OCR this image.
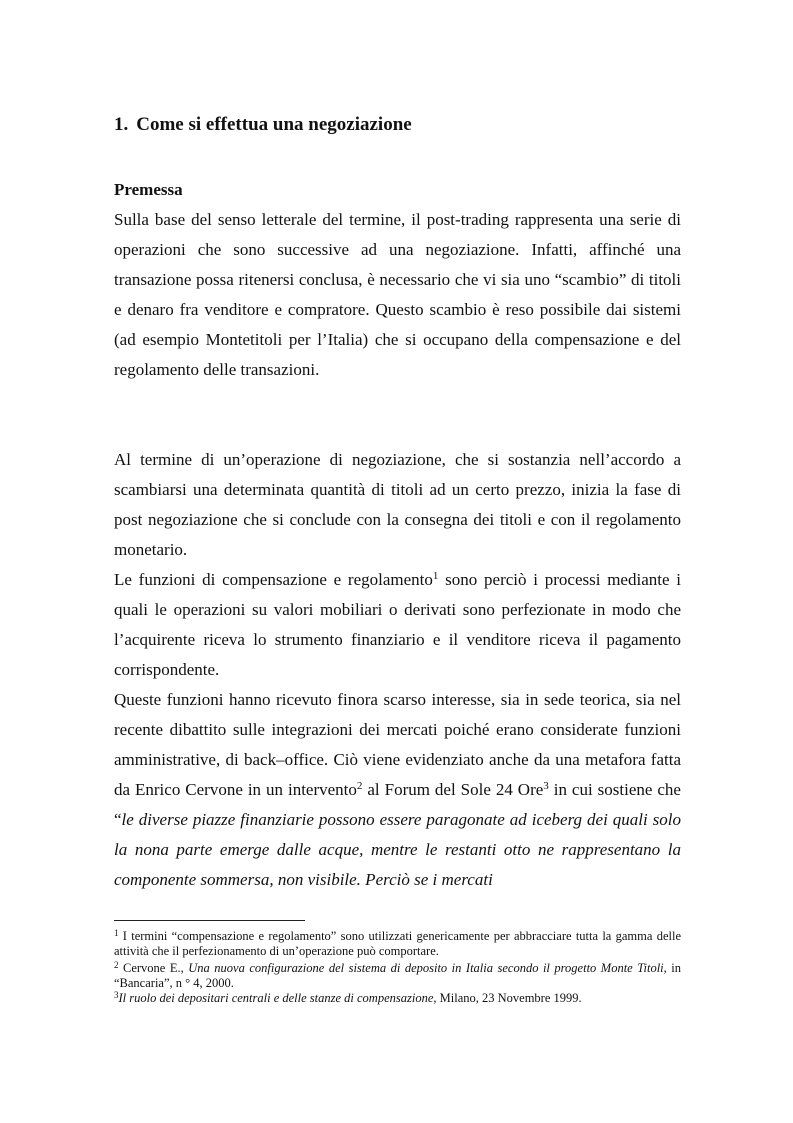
1. Come si effettua una negoziazione
Premessa

Sulla base del senso letterale del termine, il post-trading rappresenta una serie di operazioni che sono successive ad una negoziazione. Infatti, affinché una transazione possa ritenersi conclusa, è necessario che vi sia uno “scambio” di titoli e denaro fra venditore e compratore. Questo scambio è reso possibile dai sistemi (ad esempio Montetitoli per l’Italia) che si occupano della compensazione e del regolamento delle transazioni.

Al termine di un’operazione di negoziazione, che si sostanzia nell’accordo a scambiarsi una determinata quantità di titoli ad un certo prezzo, inizia la fase di post negoziazione che si conclude con la consegna dei titoli e con il regolamento monetario.

Le funzioni di compensazione e regolamento$^1$ sono perciò i processi mediante i quali le operazioni su valori mobiliari o derivati sono perfezionate in modo che l’acquirente riceva lo strumento finanziario e il venditore riceva il pagamento corrispondente.

Queste funzioni hanno ricevuto finora scarso interesse, sia in sede teorica, sia nel recente dibattito sulle integrazioni dei mercati poiché erano considerate funzioni amministrative, di back–office. Ciò viene evidenziato anche da una metafora fatta da Enrico Cervone in un intervento$^2$ al Forum del Sole 24 Ore$^3$ in cui sostiene che “le diverse piazze finanziarie possono essere paragonate ad iceberg dei quali solo la nona parte emerge dalle acque, mentre le restanti otto ne rappresentano la componente sommersa, non visibile. Perciò se i mercati

$^1$ I termini “compensazione e regolamento” sono utilizzati genericamente per abbracciare tutta la gamma delle attività che il perfezionamento di un’operazione può comportare.

$^2$ Cervone E., Una nuova configurazione del sistema di deposito in Italia secondo il progetto Monte Titoli, in “Bancaria”, n ° 4, 2000.

$^3$Il ruolo dei depositari centrali e delle stanze di compensazione, Milano, 23 Novembre 1999.
